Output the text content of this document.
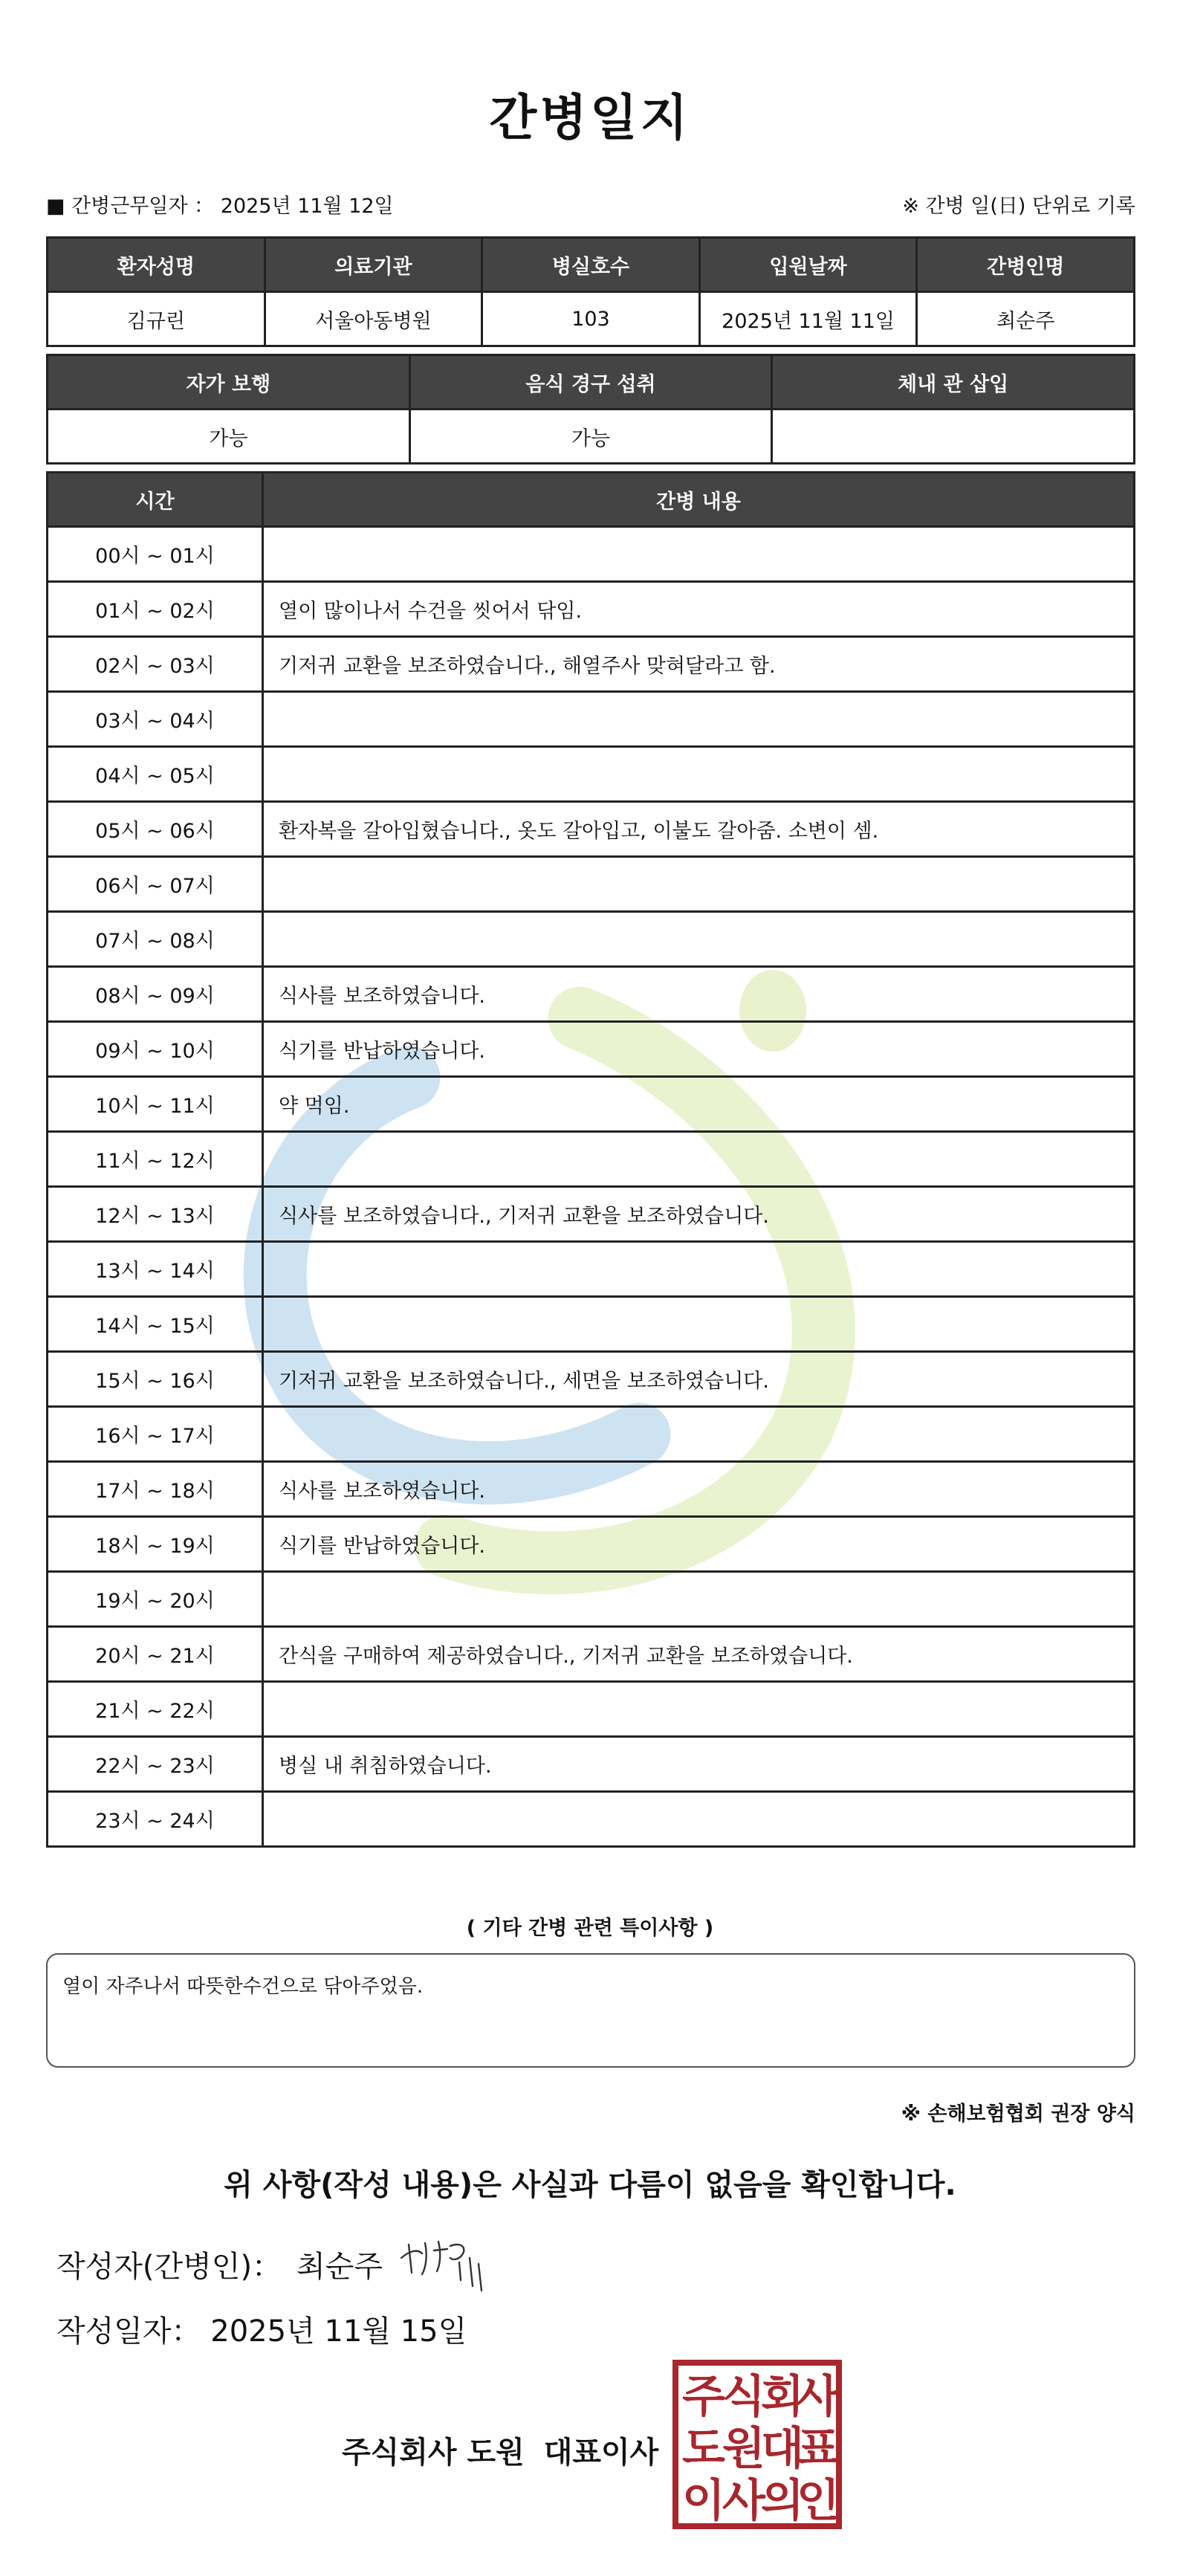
간병일지
■ 간병근무일자 ： 2025년 11월 12일	※ 간병 일(日) 단위로 기록
환자성명	의료기관	병실호수	입원날짜	간병인명
김규린	서울아동병원	103	2025년 11월 11일	최순주
자가 보행	음식 경구 섭취	체내 관 삽입
가능	가능	
시간	간병 내용
00시 ~ 01시	
01시 ~ 02시	열이 많이나서 수건을 씻어서 닦임.
02시 ~ 03시	기저귀 교환을 보조하였습니다., 해열주사 맞혀달라고 함.
03시 ~ 04시	
04시 ~ 05시	
05시 ~ 06시	환자복을 갈아입혔습니다., 옷도 갈아입고, 이불도 갈아줌. 소변이 셈.
06시 ~ 07시	
07시 ~ 08시	
08시 ~ 09시	식사를 보조하였습니다.
09시 ~ 10시	식기를 반납하였습니다.
10시 ~ 11시	약 먹임.
11시 ~ 12시	
12시 ~ 13시	식사를 보조하였습니다., 기저귀 교환을 보조하였습니다.
13시 ~ 14시	
14시 ~ 15시	
15시 ~ 16시	기저귀 교환을 보조하였습니다., 세면을 보조하였습니다.
16시 ~ 17시	
17시 ~ 18시	식사를 보조하였습니다.
18시 ~ 19시	식기를 반납하였습니다.
19시 ~ 20시	
20시 ~ 21시	간식을 구매하여 제공하였습니다., 기저귀 교환을 보조하였습니다.
21시 ~ 22시	
22시 ~ 23시	병실 내 취침하였습니다.
23시 ~ 24시	
( 기타 간병 관련 특이사항 )
열이 자주나서 따뜻한수건으로 닦아주었음.
※ 손해보험협회 권장 양식
위 사항(작성 내용)은 사실과 다름이 없음을 확인합니다.
작성자(간병인)： 최순주
작성일자： 2025년 11월 15일
주식회사 도원 대표이사
주
식
회
사
도
원
대
표
이
사
의
인
